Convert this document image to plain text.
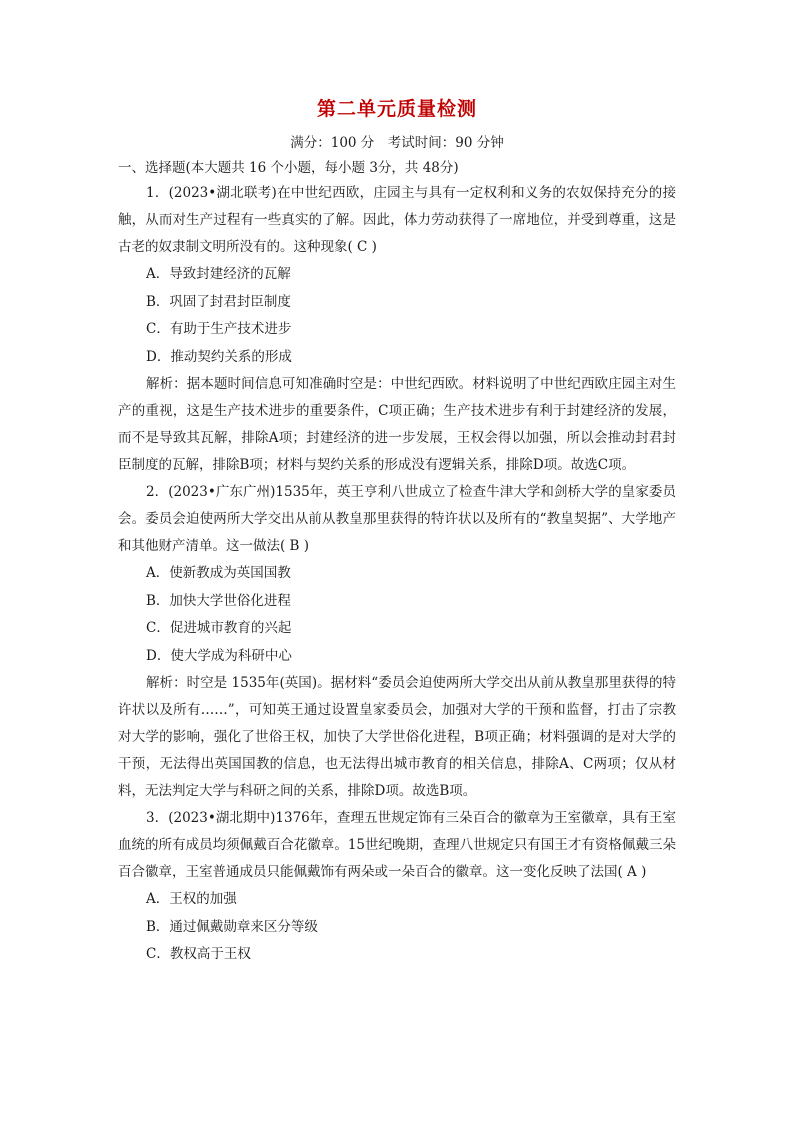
第二单元质量检测
满分：100 分　考试时间：90 分钟
一、选择题(本大题共 16 个小题，每小题 3分，共 48分)

1．(2023•湖北联考)在中世纪西欧，庄园主与具有一定权利和义务的农奴保持充分的接触，从而对生产过程有一些真实的了解。因此，体力劳动获得了一席地位，并受到尊重，这是古老的奴隶制文明所没有的。这种现象( C )

A．导致封建经济的瓦解
B．巩固了封君封臣制度
C．有助于生产技术进步
D．推动契约关系的形成

解析：据本题时间信息可知准确时空是：中世纪西欧。材料说明了中世纪西欧庄园主对生产的重视，这是生产技术进步的重要条件，C项正确；生产技术进步有利于封建经济的发展，而不是导致其瓦解，排除A项；封建经济的进一步发展，王权会得以加强，所以会推动封君封臣制度的瓦解，排除B项；材料与契约关系的形成没有逻辑关系，排除D项。故选C项。

2．(2023•广东广州)1535年，英王亨利八世成立了检查牛津大学和剑桥大学的皇家委员会。委员会迫使两所大学交出从前从教皇那里获得的特许状以及所有的“教皇契据”、大学地产和其他财产清单。这一做法( B )

A．使新教成为英国国教
B．加快大学世俗化进程
C．促进城市教育的兴起
D．使大学成为科研中心

解析：时空是 1535年(英国)。据材料“委员会迫使两所大学交出从前从教皇那里获得的特许状以及所有……”，可知英王通过设置皇家委员会，加强对大学的干预和监督，打击了宗教对大学的影响，强化了世俗王权，加快了大学世俗化进程，B项正确；材料强调的是对大学的干预，无法得出英国国教的信息，也无法得出城市教育的相关信息，排除A、C两项；仅从材料，无法判定大学与科研之间的关系，排除D项。故选B项。

3．(2023•湖北期中)1376年，查理五世规定饰有三朵百合的徽章为王室徽章，具有王室血统的所有成员均须佩戴百合花徽章。15世纪晚期，查理八世规定只有国王才有资格佩戴三朵百合徽章，王室普通成员只能佩戴饰有两朵或一朵百合的徽章。这一变化反映了法国( A )

A．王权的加强
B．通过佩戴勋章来区分等级
C．教权高于王权
